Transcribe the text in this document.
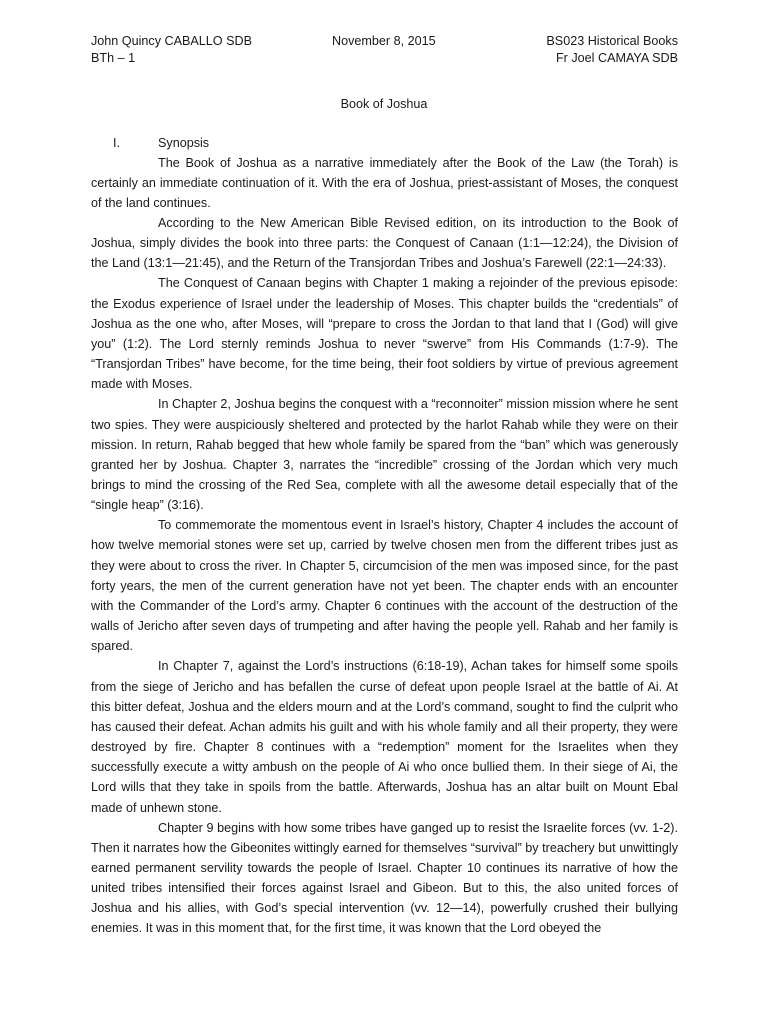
John Quincy CABALLO SDB	November 8, 2015	BS023 Historical Books
BTh – 1	Fr Joel CAMAYA SDB
Book of Joshua
I.	Synopsis

The Book of Joshua as a narrative immediately after the Book of the Law (the Torah) is certainly an immediate continuation of it. With the era of Joshua, priest-assistant of Moses, the conquest of the land continues.

According to the New American Bible Revised edition, on its introduction to the Book of Joshua, simply divides the book into three parts: the Conquest of Canaan (1:1—12:24), the Division of the Land (13:1—21:45), and the Return of the Transjordan Tribes and Joshua’s Farewell (22:1—24:33).

The Conquest of Canaan begins with Chapter 1 making a rejoinder of the previous episode: the Exodus experience of Israel under the leadership of Moses. This chapter builds the “credentials” of Joshua as the one who, after Moses, will “prepare to cross the Jordan to that land that I (God) will give you” (1:2). The Lord sternly reminds Joshua to never “swerve” from His Commands (1:7-9). The “Transjordan Tribes” have become, for the time being, their foot soldiers by virtue of previous agreement made with Moses.

In Chapter 2, Joshua begins the conquest with a “reconnoiter” mission mission where he sent two spies. They were auspiciously sheltered and protected by the harlot Rahab while they were on their mission. In return, Rahab begged that hew whole family be spared from the “ban” which was generously granted her by Joshua. Chapter 3, narrates the “incredible” crossing of the Jordan which very much brings to mind the crossing of the Red Sea, complete with all the awesome detail especially that of the “single heap” (3:16).

To commemorate the momentous event in Israel’s history, Chapter 4 includes the account of how twelve memorial stones were set up, carried by twelve chosen men from the different tribes just as they were about to cross the river. In Chapter 5, circumcision of the men was imposed since, for the past forty years, the men of the current generation have not yet been. The chapter ends with an encounter with the Commander of the Lord’s army. Chapter 6 continues with the account of the destruction of the walls of Jericho after seven days of trumpeting and after having the people yell. Rahab and her family is spared.

In Chapter 7, against the Lord’s instructions (6:18-19), Achan takes for himself some spoils from the siege of Jericho and has befallen the curse of defeat upon people Israel at the battle of Ai. At this bitter defeat, Joshua and the elders mourn and at the Lord’s command, sought to find the culprit who has caused their defeat. Achan admits his guilt and with his whole family and all their property, they were destroyed by fire. Chapter 8 continues with a “redemption” moment for the Israelites when they successfully execute a witty ambush on the people of Ai who once bullied them. In their siege of Ai, the Lord wills that they take in spoils from the battle. Afterwards, Joshua has an altar built on Mount Ebal made of unhewn stone.

Chapter 9 begins with how some tribes have ganged up to resist the Israelite forces (vv. 1-2). Then it narrates how the Gibeonites wittingly earned for themselves “survival” by treachery but unwittingly earned permanent servility towards the people of Israel. Chapter 10 continues its narrative of how the united tribes intensified their forces against Israel and Gibeon. But to this, the also united forces of Joshua and his allies, with God’s special intervention (vv. 12—14), powerfully crushed their bullying enemies. It was in this moment that, for the first time, it was known that the Lord obeyed the
